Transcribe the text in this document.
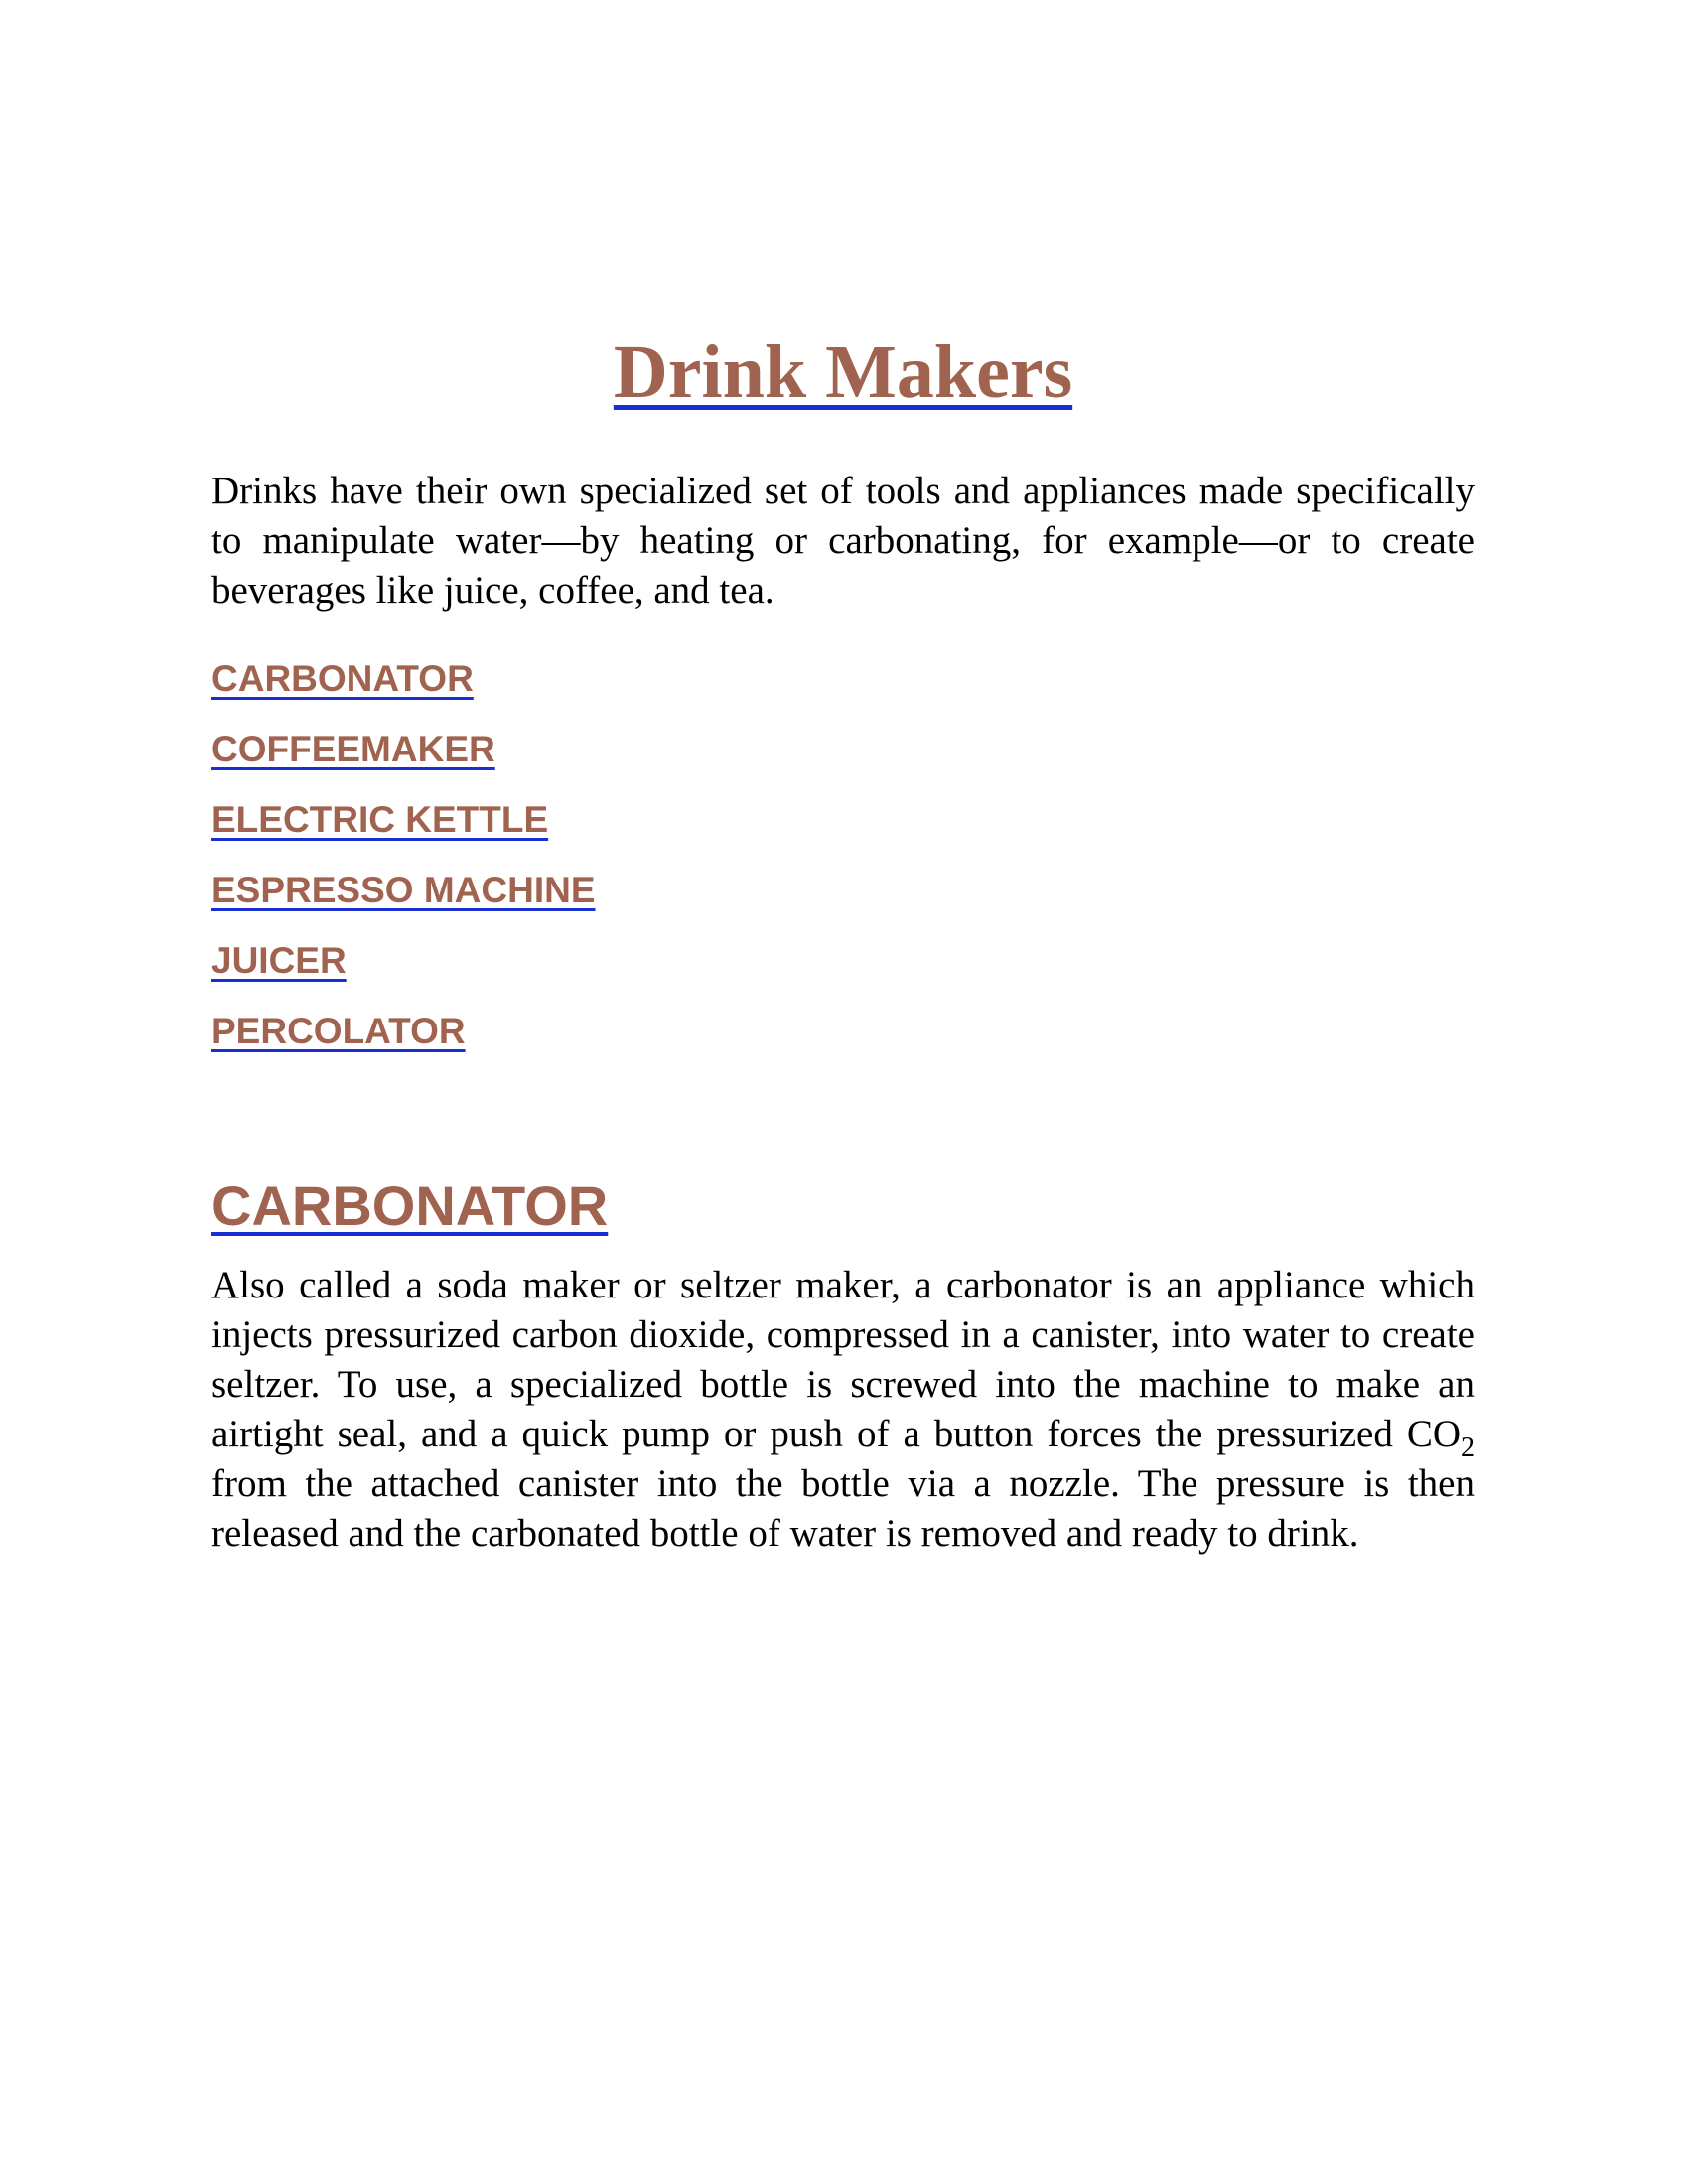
Drink Makers

Drinks have their own specialized set of tools and appliances made specifically to manipulate water—by heating or carbonating, for example—or to create beverages like juice, coffee, and tea.

CARBONATOR
COFFEEMAKER
ELECTRIC KETTLE
ESPRESSO MACHINE
JUICER
PERCOLATOR
CARBONATOR

Also called a soda maker or seltzer maker, a carbonator is an appliance which injects pressurized carbon dioxide, compressed in a canister, into water to create seltzer. To use, a specialized bottle is screwed into the machine to make an airtight seal, and a quick pump or push of a button forces the pressurized $CO_2$ from the attached canister into the bottle via a nozzle. The pressure is then released and the carbonated bottle of water is removed and ready to drink.
